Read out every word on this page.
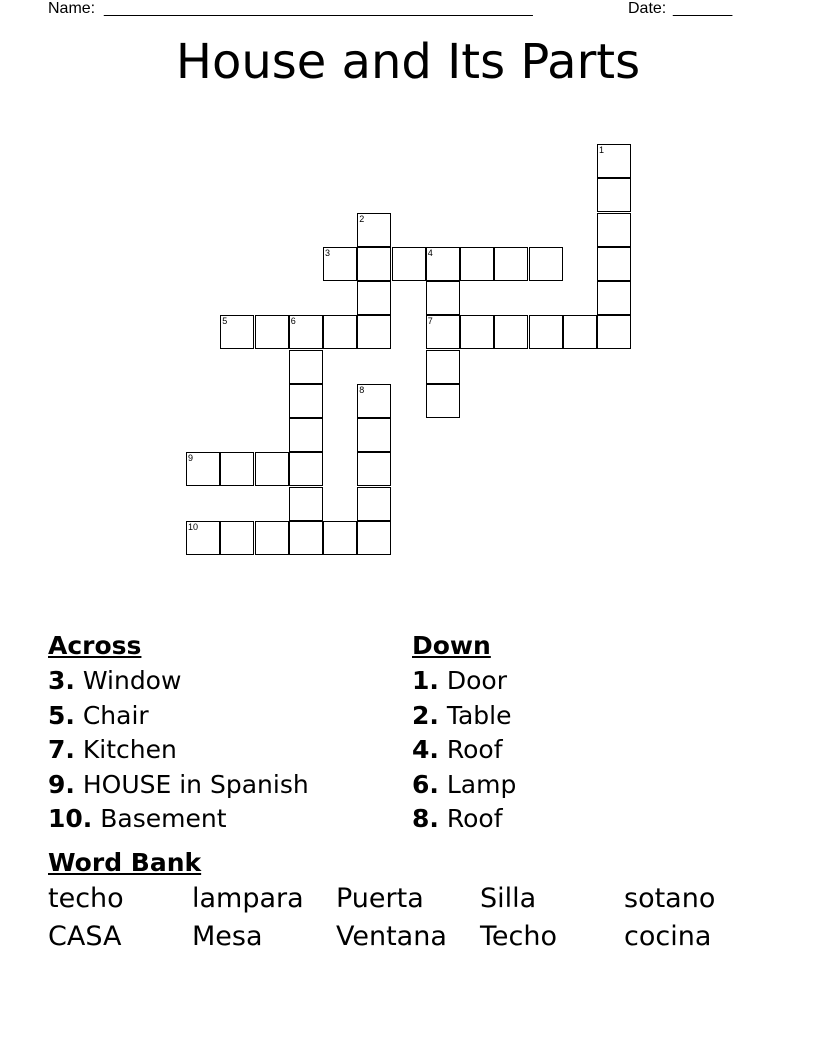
Name: ___________________________________________________	Date: _______
House and Its Parts
1
2
3	4
5	6	7
8
9
10
Across
3. Window
5. Chair
7. Kitchen
9. HOUSE in Spanish
10. Basement
Down
1. Door
2. Table
4. Roof
6. Lamp
8. Roof
Word Bank
techo	lampara Puerta Silla	sotano
CASA	Mesa	Ventana Techo cocina
